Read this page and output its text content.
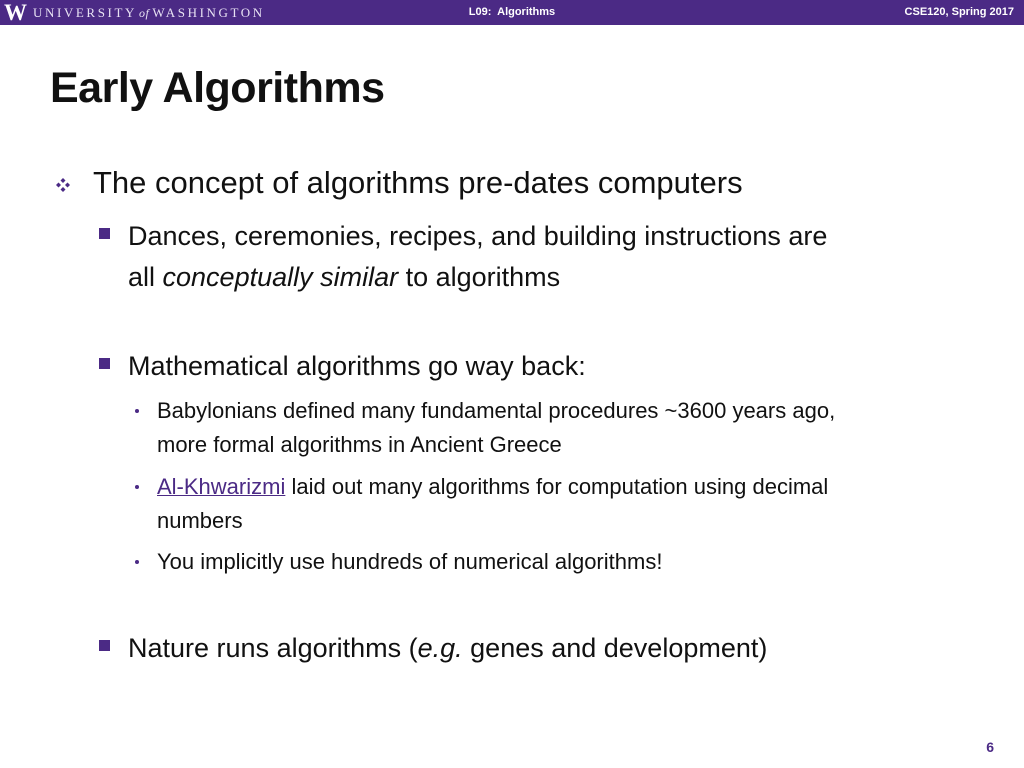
W UNIVERSITY of WASHINGTON	L09:  Algorithms	CSE120, Spring 2017
Early Algorithms
The concept of algorithms pre-dates computers
Dances, ceremonies, recipes, and building instructions are
all conceptually similar to algorithms
Mathematical algorithms go way back:
Babylonians defined many fundamental procedures ~3600 years ago,
more formal algorithms in Ancient Greece
Al-Khwarizmi laid out many algorithms for computation using decimal
numbers
You implicitly use hundreds of numerical algorithms!
Nature runs algorithms (e.g. genes and development)
6
